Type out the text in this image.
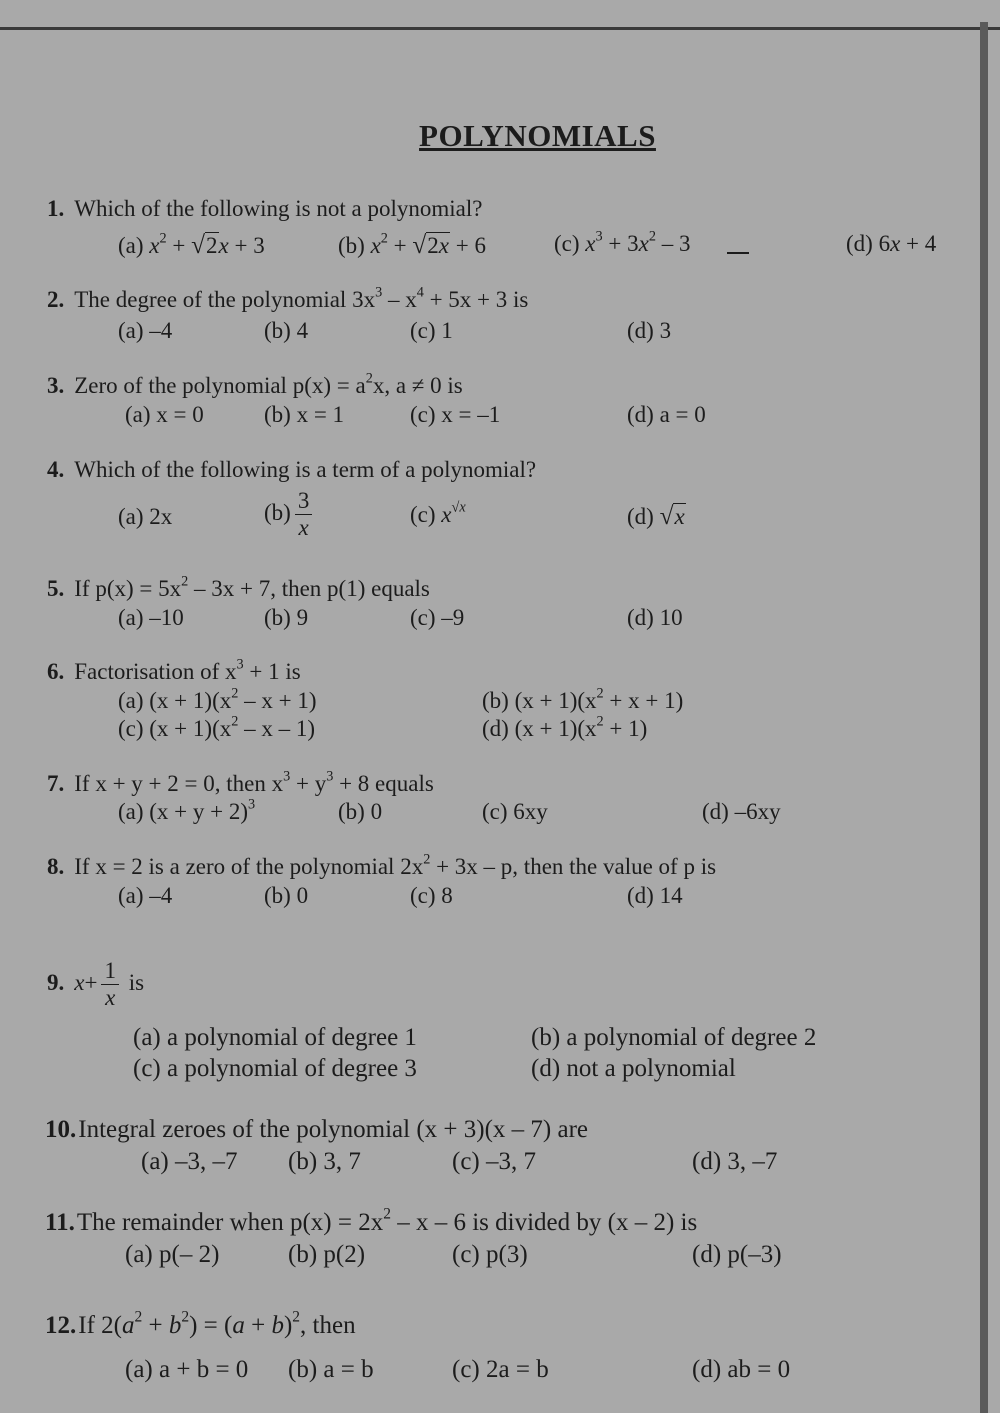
POLYNOMIALS
1. Which of the following is not a polynomial?
(a) $x^2 + √2x + 3$	(b) $x^2 + √2x + 6$	(c) $x^3 + 3x^2 - 3$	(d) 6x + 4
2. The degree of the polynomial $3x^3 - x^4 + 5x + 3$ is
(a) –4	(b) 4	(c) 1	(d) 3
3. Zero of the polynomial $p(x) = a^2x$, a ≠ 0 is
(a) x = 0	(b) x = 1	(c) x = –1	(d) a = 0
4. Which of the following is a term of a polynomial?
(a) 2x	$(b) \frac{3}{x}$	(c) $x^{√x}$	(d) √x
5. If $p(x) = 5x^2 - 3x + 7$, then p(1) equals
(a) –10	(b) 9	(c) –9	(d) 10
6. Factorisation of $x^3 + 1$ is
(a) $(x + 1)(x^2 - x + 1)$	(b) $(x + 1)(x^2 + x + 1)$
(c) $(x + 1)(x^2 - x - 1)$	(d) $(x + 1)(x^2 + 1)$
7. If x + y + 2 = 0, then $x^3 + y^3 + 8$ equals
(a) $(x + y + 2)^3$	(b) 0	(c) 6xy	(d) –6xy
8. If x = 2 is a zero of the polynomial $2x^2 + 3x - p$, then the value of p is
(a) –4	(b) 0	(c) 8	(d) 14
9. $x+ \frac{1}{x}$ is
(a) a polynomial of degree 1	(b) a polynomial of degree 2
(c) a polynomial of degree 3	(d) not a polynomial
10.Integral zeroes of the polynomial (x + 3)(x – 7) are
(a) –3, –7 (b) 3, 7	(c) –3, 7	(d) 3, –7
11.The remainder when $p(x) = 2x^2 - x - 6$ is divided by (x – 2) is
(a) p(– 2)	(b) p(2)	(c) p(3)	(d) p(–3)
12.If $2(a^2 + b^2) = (a + b)^2$, then
(a) a + b = 0 (b) a = b	(c) 2a = b	(d) ab = 0
